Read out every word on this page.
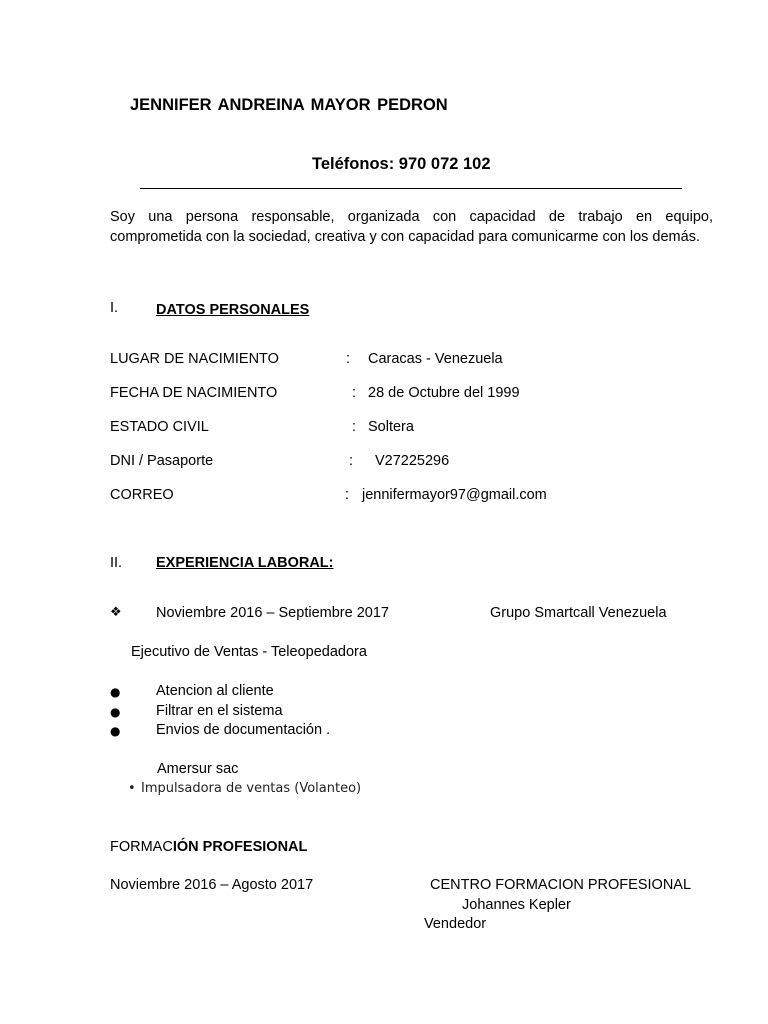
JENNIFER ANDREINA MAYOR PEDRON
Teléfonos: 970 072 102
Soy una persona responsable, organizada con capacidad de trabajo en equipo, comprometida con la sociedad, creativa y con capacidad para comunicarme con los demás.
I.	DATOS PERSONALES
LUGAR DE NACIMIENTO	: Caracas - Venezuela
FECHA DE NACIMIENTO	: 28 de Octubre del 1999
ESTADO CIVIL	: Soltera
DNI / Pasaporte	: V27225296
CORREO	: jennifermayor97@gmail.com
II. EXPERIENCIA LABORAL:
❖ Noviembre 2016 – Septiembre 2017	Grupo Smartcall Venezuela
Ejecutivo de Ventas - Teleopedadora
● Atencion al cliente
● Filtrar en el sistema
● Envios de documentación .
Amersur sac
• Impulsadora de ventas (Volanteo)
FORMACIÓN PROFESIONAL
Noviembre 2016 – Agosto 2017	CENTRO FORMACION PROFESIONAL
Johannes Kepler
Vendedor
